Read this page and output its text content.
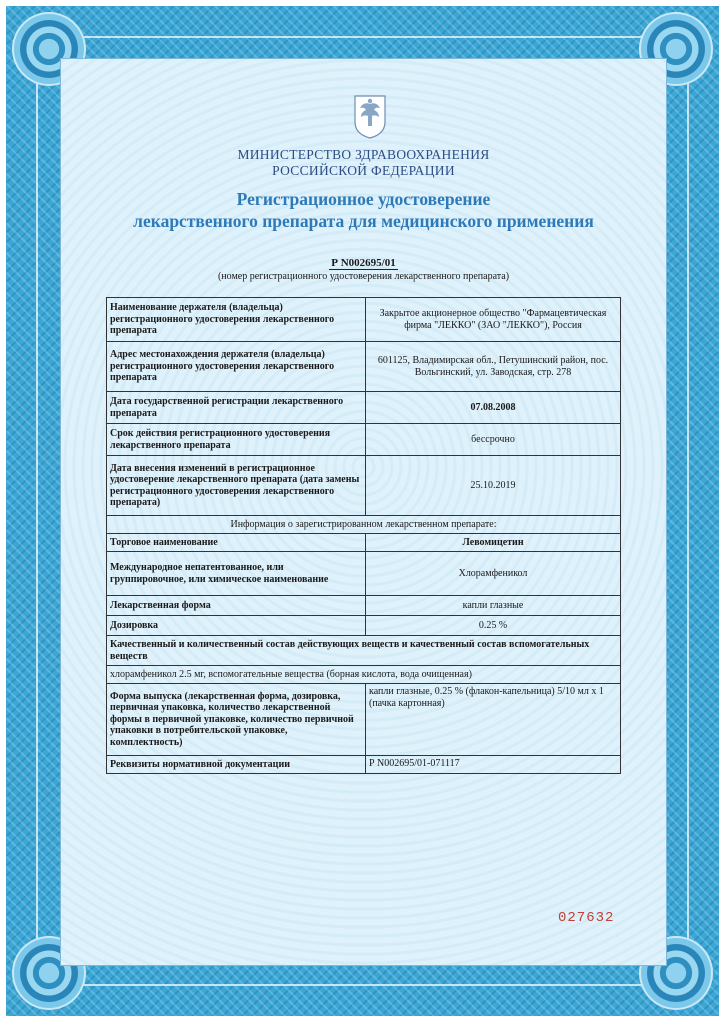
МИНИСТЕРСТВО ЗДРАВООХРАНЕНИЯ
РОССИЙСКОЙ ФЕДЕРАЦИИ
Регистрационное удостоверение
лекарственного препарата для медицинского применения
Р N002695/01
(номер регистрационного удостоверения лекарственного препарата)
Наименование держателя (владельца) регистрационного удостоверения лекарственного препарата	Закрытое акционерное общество "Фармацевтическая фирма "ЛЕККО" (ЗАО "ЛЕККО"), Россия
Адрес местонахождения держателя (владельца) регистрационного удостоверения лекарственного препарата	601125, Владимирская обл., Петушинский район, пос. Вольгинский, ул. Заводская, стр. 278
Дата государственной регистрации лекарственного препарата	07.08.2008
Срок действия регистрационного удостоверения лекарственного препарата	бессрочно
Дата внесения изменений в регистрационное удостоверение лекарственного препарата (дата замены регистрационного удостоверения лекарственного препарата)	25.10.2019
Информация о зарегистрированном лекарственном препарате:	
Торговое наименование	Левомицетин
Международное непатентованное, или группировочное, или химическое наименование	Хлорамфеникол
Лекарственная форма	капли глазные
Дозировка	0.25 %
Качественный и количественный состав действующих веществ и качественный состав вспомогательных веществ	
хлорамфеникол 2.5 мг, вспомогательные вещества (борная кислота, вода очищенная)	
Форма выпуска (лекарственная форма, дозировка, первичная упаковка, количество лекарственной формы в первичной упаковке, количество первичной упаковки в потребительской упаковке, комплектность)	капли глазные, 0.25 % (флакон-капельница) 5/10 мл x 1 (пачка картонная)
Реквизиты нормативной документации	Р N002695/01-071117
027632
АО «Гознак», Москва, 2017 г., «Б», Лицензия № 03-05-2/042-ФЗ-ГЗ-2007 от 04.09.2007 г. ФМС РФ, тел. (495) 754-62-40, www.goznak.ru
